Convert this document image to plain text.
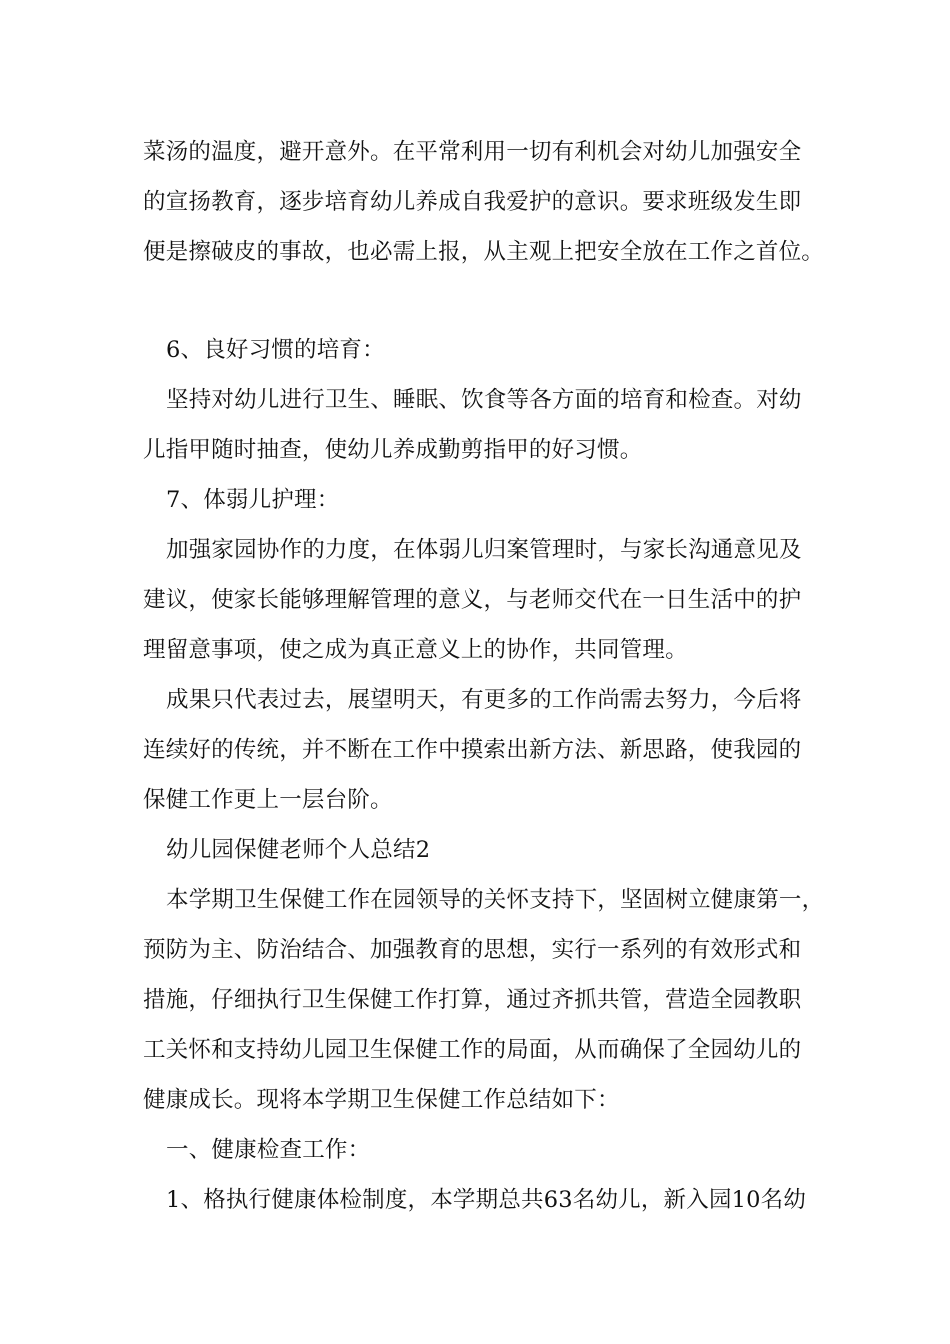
菜汤的温度，避开意外。在平常利用一切有利机会对幼儿加强安全
的宣扬教育，逐步培育幼儿养成自我爱护的意识。要求班级发生即
便是擦破皮的事故，也必需上报，从主观上把安全放在工作之首位。

6、良好习惯的培育：

坚持对幼儿进行卫生、睡眠、饮食等各方面的培育和检查。对幼
儿指甲随时抽查，使幼儿养成勤剪指甲的好习惯。

7、体弱儿护理：

加强家园协作的力度，在体弱儿归案管理时，与家长沟通意见及
建议，使家长能够理解管理的意义，与老师交代在一日生活中的护
理留意事项，使之成为真正意义上的协作，共同管理。

成果只代表过去，展望明天，有更多的工作尚需去努力，今后将
连续好的传统，并不断在工作中摸索出新方法、新思路，使我园的
保健工作更上一层台阶。

幼儿园保健老师个人总结2

本学期卫生保健工作在园领导的关怀支持下，坚固树立健康第一，
预防为主、防治结合、加强教育的思想，实行一系列的有效形式和
措施，仔细执行卫生保健工作打算，通过齐抓共管，营造全园教职
工关怀和支持幼儿园卫生保健工作的局面，从而确保了全园幼儿的
健康成长。现将本学期卫生保健工作总结如下：

一、健康检查工作：

1、格执行健康体检制度，本学期总共63名幼儿，新入园10名幼
